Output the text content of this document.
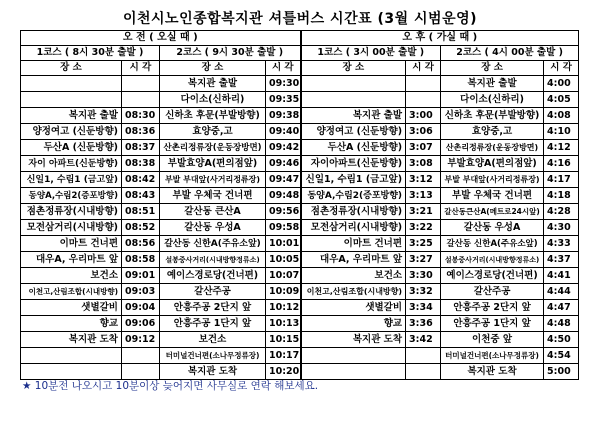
이천시노인종합복지관 셔틀버스 시간표 (3월 시범운영)
오 전 ( 오실 때 )				오 후 ( 가실 때 )			
1코스 ( 8시 30분 출발 )		2코스 ( 9시 30분 출발 )		1코스 ( 3시 00분 출발 )		2코스 ( 4시 00분 출발 )	
장 소	시 각	장 소	시 각	장 소	시 각	장 소	시 각
		복지관 출발	09:30			복지관 출발	4:00
		다이소(신하리)	09:35			다이소(신하리)	4:05
복지관 출발	08:30	신하초 후문(부발방향)	09:38	복지관 출발	3:00	신하초 후문(부발방향)	4:08
양정여고 (신둔방향)	08:36	효양중,고	09:40	양정여고 (신둔방향)	3:06	효양중,고	4:10
두산A (신둔방향)	08:37	산촌리정류장(운동장방면)	09:42	두산A (신둔방향)	3:07	산촌리정류장(운동장방면)	4:12
자이 아파트(신둔방향)	08:38	부발효양A(편의점앞)	09:46	자이아파트(신둔방향)	3:08	부발효양A(편의점앞)	4:16
신일1, 수림1 (금고앞)	08:42	부발 부대앞(사거리정류장)	09:47	신일1, 수림1 (금고앞)	3:12	부발 부대앞(사거리정류장)	4:17
동양A,수림2(증포방향)	08:43	부발 우체국 건너편	09:48	동양A,수림2(증포방향)	3:13	부발 우체국 건너편	4:18
점촌정류장(시내방향)	08:51	갈산동 큰산A	09:56	점촌정류장(시내방향)	3:21	갈산동큰산A(메트로24시앞)	4:28
모전삼거리(시내방향)	08:52	갈산동 우성A	09:58	모전삼거리(시내방향)	3:22	갈산동 우성A	4:30
이마트 건너편	08:56	갈산동 신한A(주유소앞)	10:01	이마트 건너편	3:25	갈산동 신한A(주유소앞)	4:33
대우A, 우리마트 앞	08:58	설봉중사거리(시내방향정류소)	10:05	대우A, 우리마트 앞	3:27	설봉중사거리(시내방향정류소)	4:37
보건소	09:01	예이스경로당(건너편)	10:07	보건소	3:30	예이스경로당(건너편)	4:41
이천고,산림조합(시내방향)	09:03	갈산주공	10:09	이천고,산림조합(시내방향)	3:32	갈산주공	4:44
샛별갈비	09:04	안흥주공 2단지 앞	10:12	샛별갈비	3:34	안흥주공 2단지 앞	4:47
향교	09:06	안흥주공 1단지 앞	10:13	향교	3:36	안흥주공 1단지 앞	4:48
복지관 도착	09:12	보건소	10:15	복지관 도착	3:42	이천중 앞	4:50
		터미널건너편(소나무정류장)	10:17			터미널건너편(소나무정류장)	4:54
		복지관 도착	10:20			복지관 도착	5:00
★ 10분전 나오시고 10분이상 늦어지면 사무실로 연락 해보세요.
